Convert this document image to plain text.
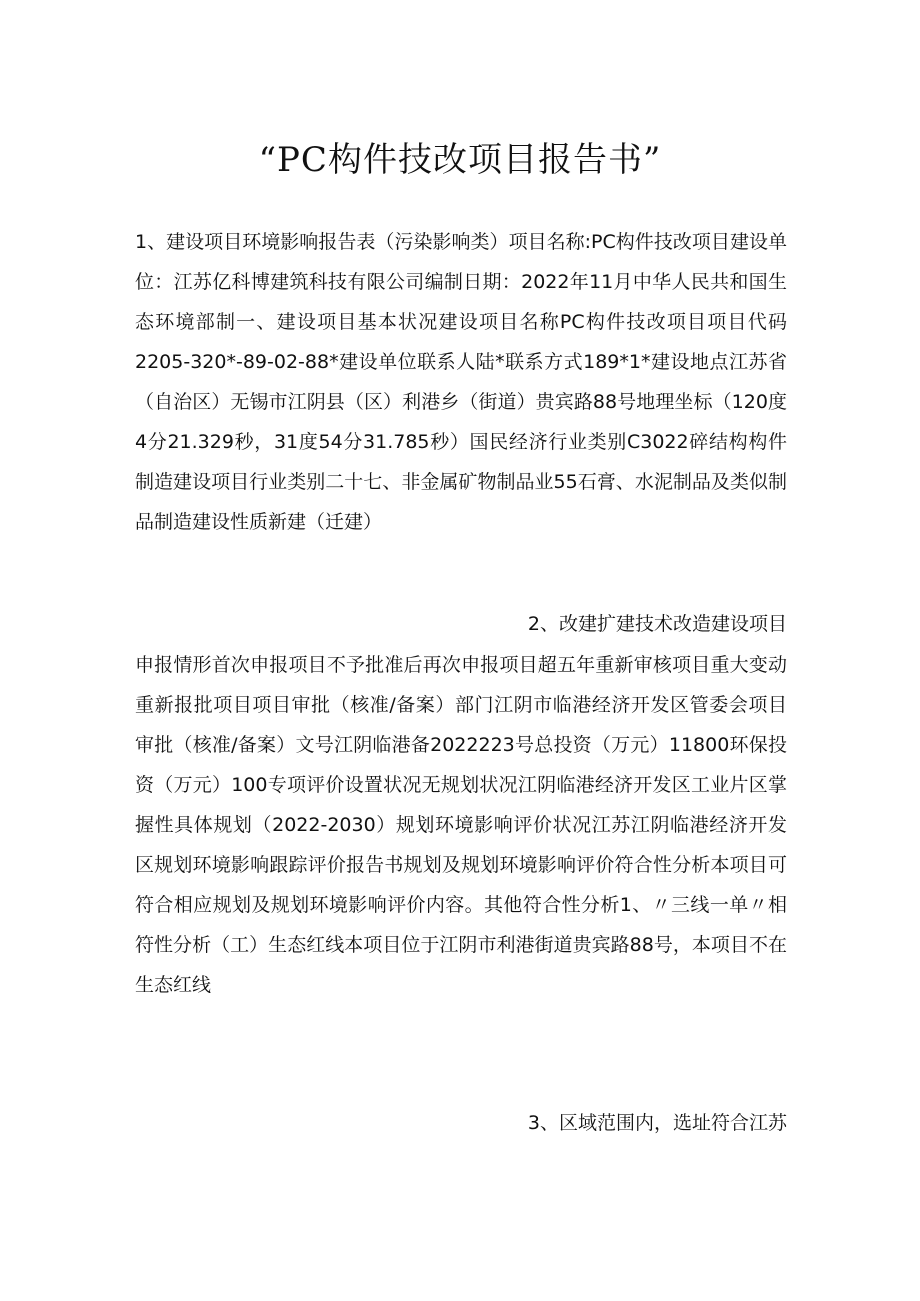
“PC构件技改项目报告书”

1、建设项目环境影响报告表（污染影响类）项目名称:PC构件技改项目建设单位：江苏亿科博建筑科技有限公司编制日期：2022年11月中华人民共和国生态环境部制一、建设项目基本状况建设项目名称PC构件技改项目项目代码2205-320*-89-02-88*建设单位联系人陆*联系方式189*1*建设地点江苏省（自治区）无锡市江阴县（区）利港乡（街道）贵宾路88号地理坐标（120度4分21.329秒，31度54分31.785秒）国民经济行业类别C3022碎结构构件制造建设项目行业类别二十七、非金属矿物制品业55石膏、水泥制品及类似制品制造建设性质新建（迁建）

2、改建扩建技术改造建设项目

申报情形首次申报项目不予批准后再次申报项目超五年重新审核项目重大变动重新报批项目项目审批（核准/备案）部门江阴市临港经济开发区管委会项目审批（核准/备案）文号江阴临港备2022223号总投资（万元）11800环保投资（万元）100专项评价设置状况无规划状况江阴临港经济开发区工业片区掌握性具体规划（2022-2030）规划环境影响评价状况江苏江阴临港经济开发区规划环境影响跟踪评价报告书规划及规划环境影响评价符合性分析本项目可符合相应规划及规划环境影响评价内容。其他符合性分析1、〃三线一单〃相符性分析（工）生态红线本项目位于江阴市利港街道贵宾路88号，本项目不在生态红线

3、区域范围内，选址符合江苏
